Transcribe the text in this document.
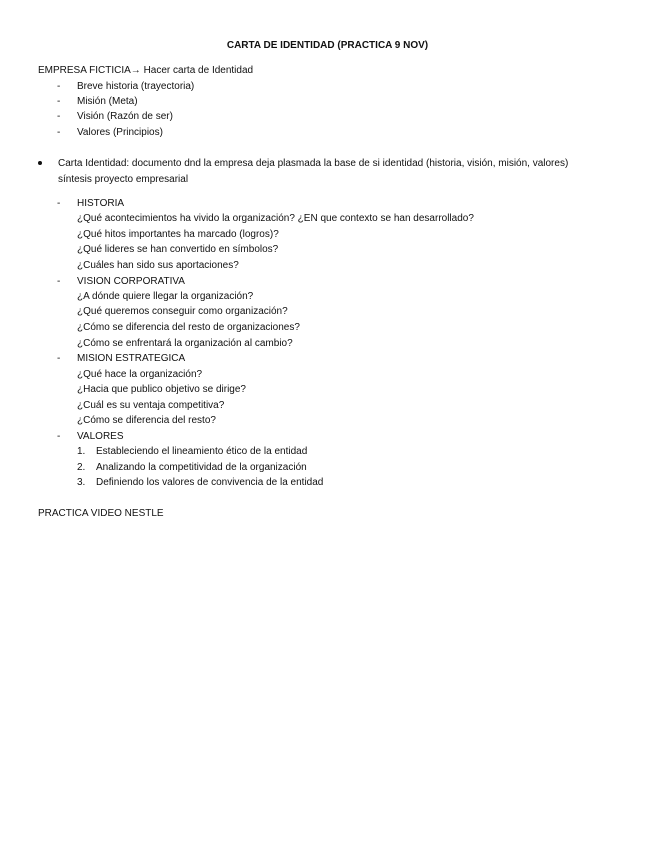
CARTA DE IDENTIDAD (PRACTICA 9 NOV)
EMPRESA FICTICIA→ Hacer carta de Identidad
- Breve historia (trayectoria)
- Misión (Meta)
- Visión (Razón de ser)
- Valores (Principios)
Carta Identidad: documento dnd la empresa deja plasmada la base de si identidad (historia, visión, misión, valores)
síntesis proyecto empresarial
- HISTORIA
¿Qué acontecimientos ha vivido la organización? ¿EN que contexto se han desarrollado?
¿Qué hitos importantes ha marcado (logros)?
¿Qué lideres se han convertido en símbolos?
¿Cuáles han sido sus aportaciones?
- VISION CORPORATIVA
¿A dónde quiere llegar la organización?
¿Qué queremos conseguir como organización?
¿Cómo se diferencia del resto de organizaciones?
¿Cómo se enfrentará la organización al cambio?
- MISION ESTRATEGICA
¿Qué hace la organización?
¿Hacia que publico objetivo se dirige?
¿Cuál es su ventaja competitiva?
¿Cómo se diferencia del resto?
- VALORES
1. Estableciendo el lineamiento ético de la entidad
2. Analizando la competitividad de la organización
3. Definiendo los valores de convivencia de la entidad
PRACTICA VIDEO NESTLE
